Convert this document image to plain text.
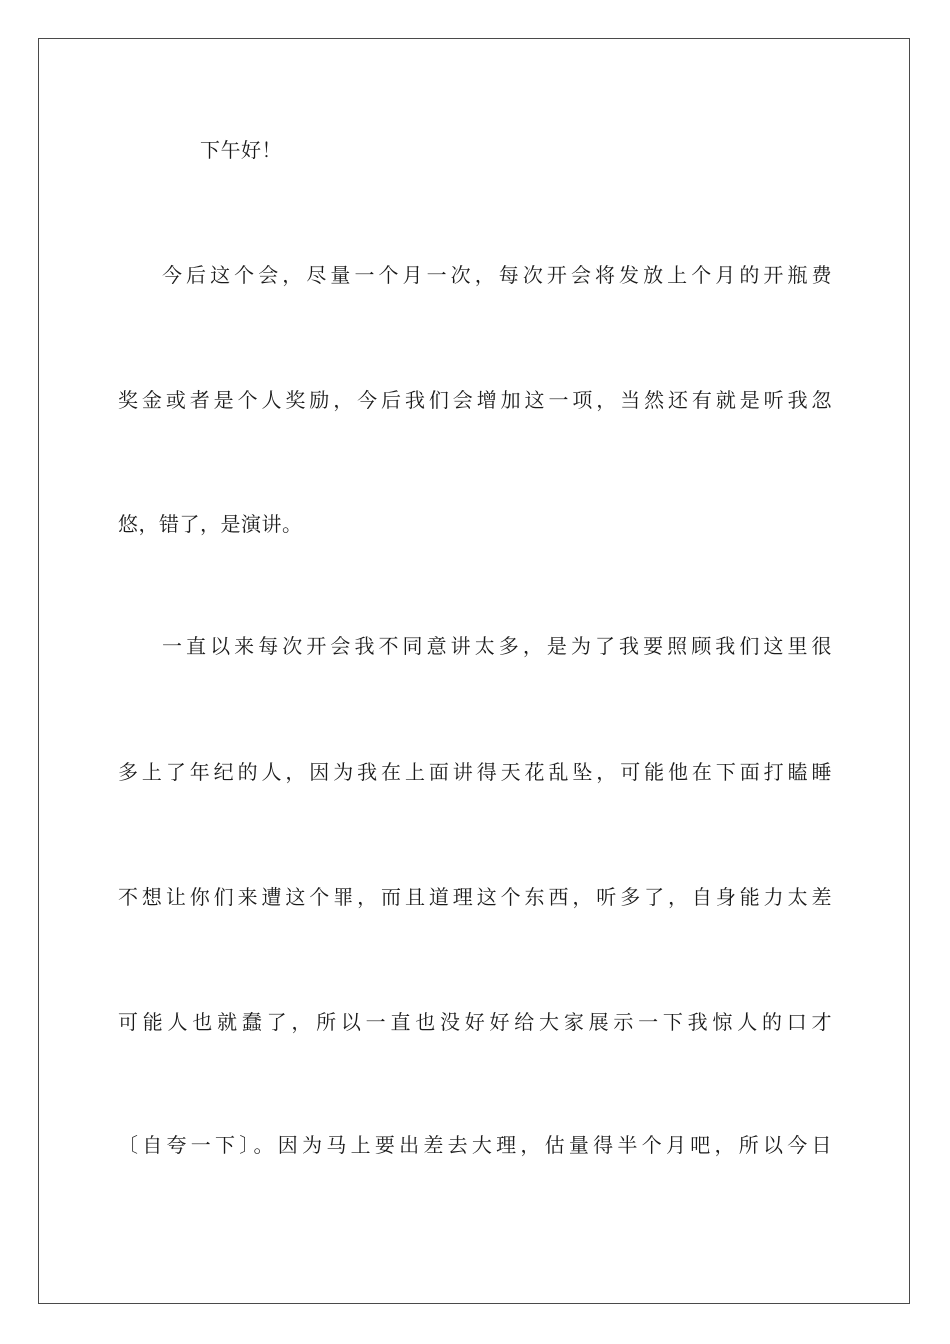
下午好！
今后这个会，尽量一个月一次，每次开会将发放上个月的开瓶费
奖金或者是个人奖励，今后我们会增加这一项，当然还有就是听我忽
悠，错了，是演讲。
一直以来每次开会我不同意讲太多，是为了我要照顾我们这里很
多上了年纪的人，因为我在上面讲得天花乱坠，可能他在下面打瞌睡
不想让你们来遭这个罪，而且道理这个东西，听多了，自身能力太差
可能人也就蠢了，所以一直也没好好给大家展示一下我惊人的口才
〔自夸一下〕。因为马上要出差去大理，估量得半个月吧，所以今日
